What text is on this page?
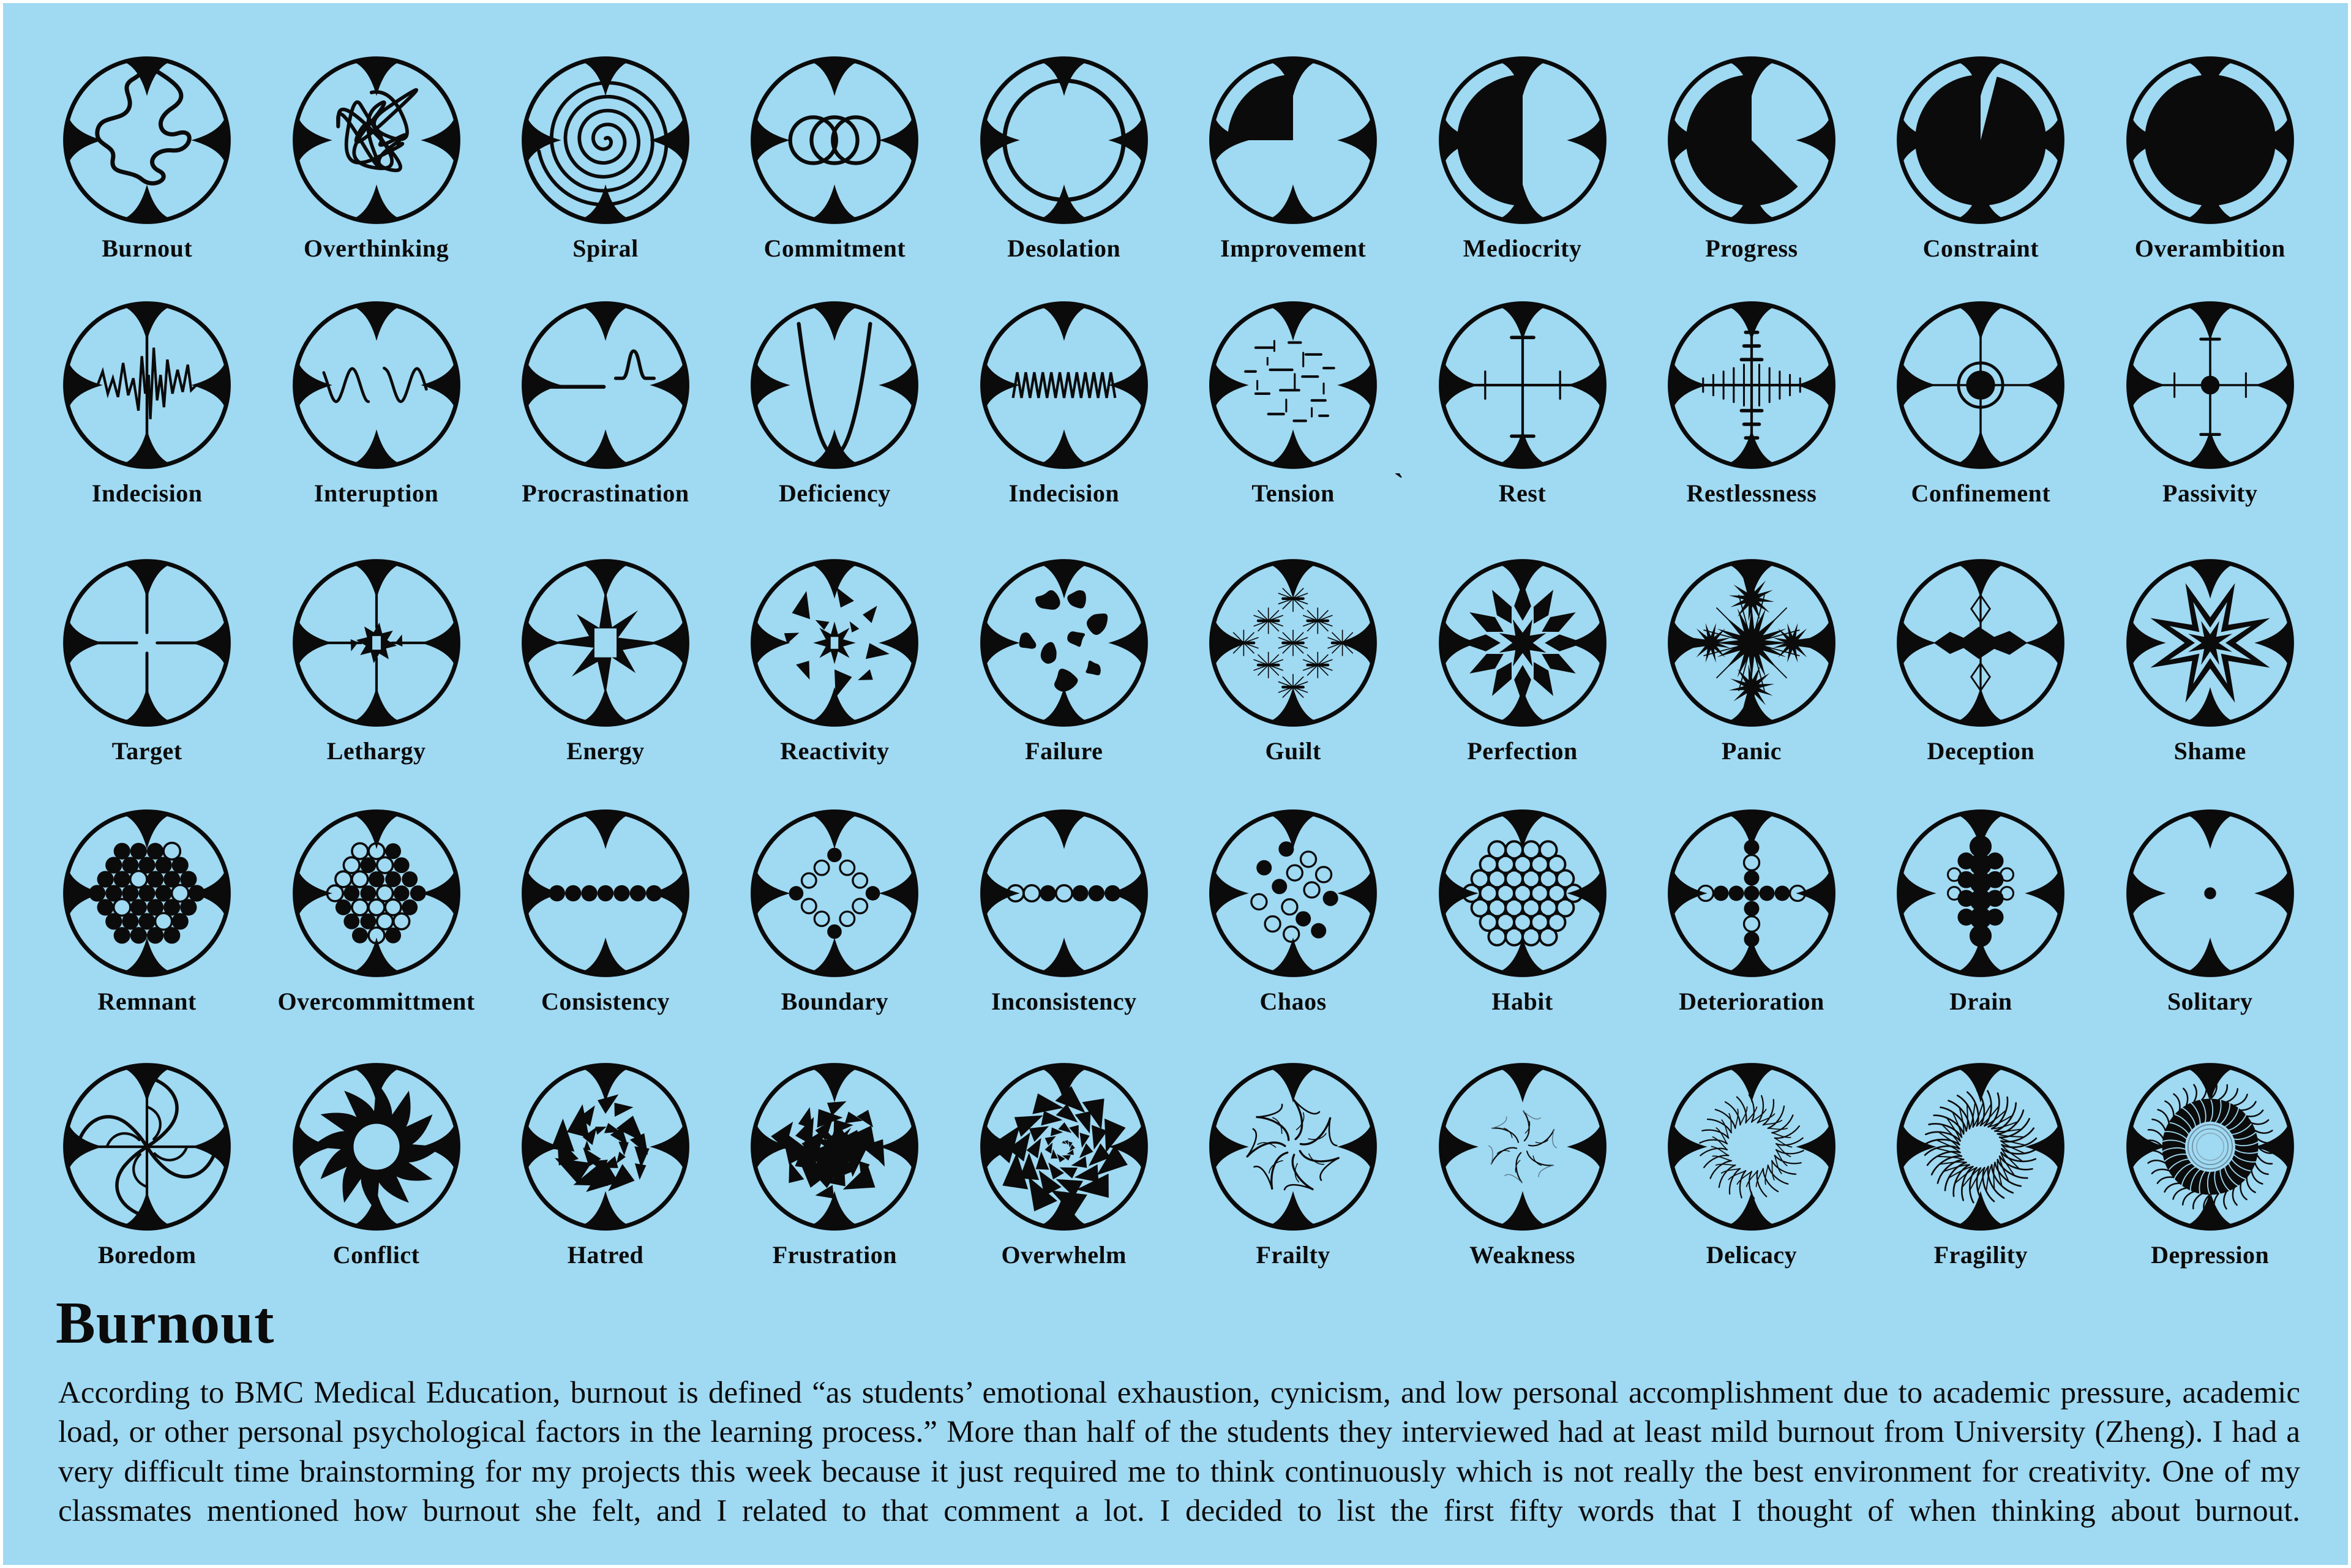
Burnout	Overthinking	Spiral	Commitment	Desolation	Improvement	Mediocrity	Progress	Constraint	Overambition
Indecision	Interuption	Procrastination	Deficiency	Indecision	Tension	Rest	Restlessness	Confinement	Passivity
Target	Lethargy	Energy	Reactivity	Failure	Guilt	Perfection	Panic	Deception	Shame
Remnant	Overcommittment	Consistency	Boundary	Inconsistency	Chaos	Habit	Deterioration	Drain	Solitary
Boredom	Conflict	Hatred	Frustration	Overwhelm	Frailty	Weakness	Delicacy	Fragility	Depression
`
Burnout
According to BMC Medical Education, burnout is defined “as students’ emotional exhaustion, cynicism, and low personal accomplishment due to academic pressure, academic load, or other personal psychological factors in the learning process.” More than half of the students they interviewed had at least mild burnout from University (Zheng). I had a very difficult time brainstorming for my projects this week because it just required me to think continuously which is not really the best environment for creativity. One of my classmates mentioned how burnout she felt, and I related to that comment a lot. I decided to list the first fifty words that I thought of when thinking about burnout.
